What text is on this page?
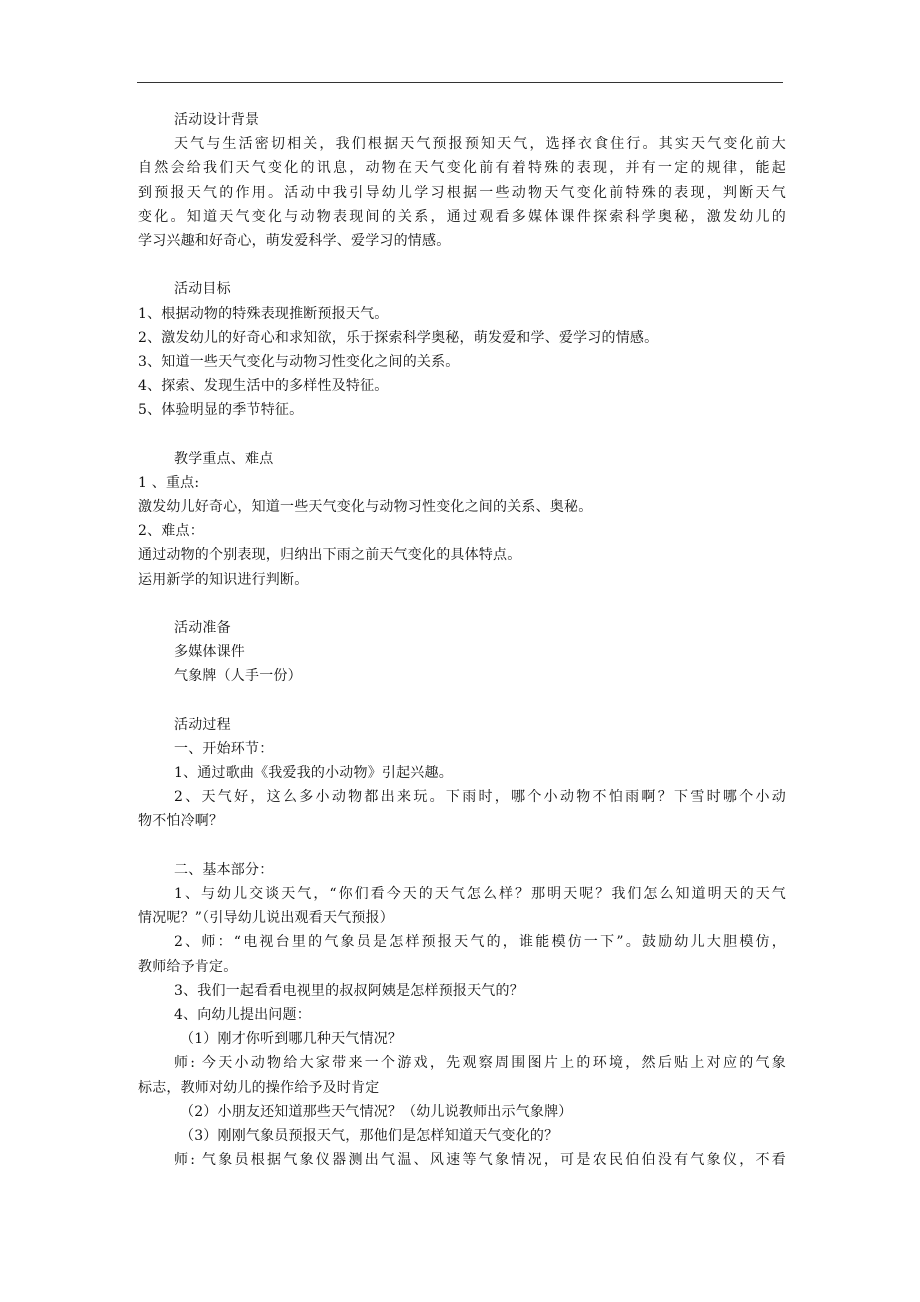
活动设计背景
天气与生活密切相关，我们根据天气预报预知天气，选择衣食住行。其实天气变化前大
自然会给我们天气变化的讯息，动物在天气变化前有着特殊的表现，并有一定的规律，能起
到预报天气的作用。活动中我引导幼儿学习根据一些动物天气变化前特殊的表现，判断天气
变化。知道天气变化与动物表现间的关系，通过观看多媒体课件探索科学奥秘，激发幼儿的
学习兴趣和好奇心，萌发爱科学、爱学习的情感。
活动目标
1、根据动物的特殊表现推断预报天气。
2、激发幼儿的好奇心和求知欲，乐于探索科学奥秘，萌发爱和学、爱学习的情感。
3、知道一些天气变化与动物习性变化之间的关系。
4、探索、发现生活中的多样性及特征。
5、体验明显的季节特征。
教学重点、难点
1 、重点:
激发幼儿好奇心，知道一些天气变化与动物习性变化之间的关系、奥秘。
2、难点：
通过动物的个别表现，归纳出下雨之前天气变化的具体特点。
运用新学的知识进行判断。
活动准备
多媒体课件
气象牌（人手一份）
活动过程
一、开始环节：
1、通过歌曲《我爱我的小动物》引起兴趣。
2、天气好，这么多小动物都出来玩。下雨时，哪个小动物不怕雨啊？下雪时哪个小动
物不怕冷啊？
二、基本部分：
1、与幼儿交谈天气，“你们看今天的天气怎么样？那明天呢？我们怎么知道明天的天气
情况呢？”（引导幼儿说出观看天气预报）
2、师：“电视台里的气象员是怎样预报天气的，谁能模仿一下”。鼓励幼儿大胆模仿，
教师给予肯定。
3、我们一起看看电视里的叔叔阿姨是怎样预报天气的？
4、向幼儿提出问题：
（1）刚才你听到哪几种天气情况？
师: 今天小动物给大家带来一个游戏，先观察周围图片上的环境，然后贴上对应的气象
标志，教师对幼儿的操作给予及时肯定
（2）小朋友还知道那些天气情况？（幼儿说教师出示气象牌）
（3）刚刚气象员预报天气，那他们是怎样知道天气变化的？
师: 气象员根据气象仪器测出气温、风速等气象情况，可是农民伯伯没有气象仪，不看
